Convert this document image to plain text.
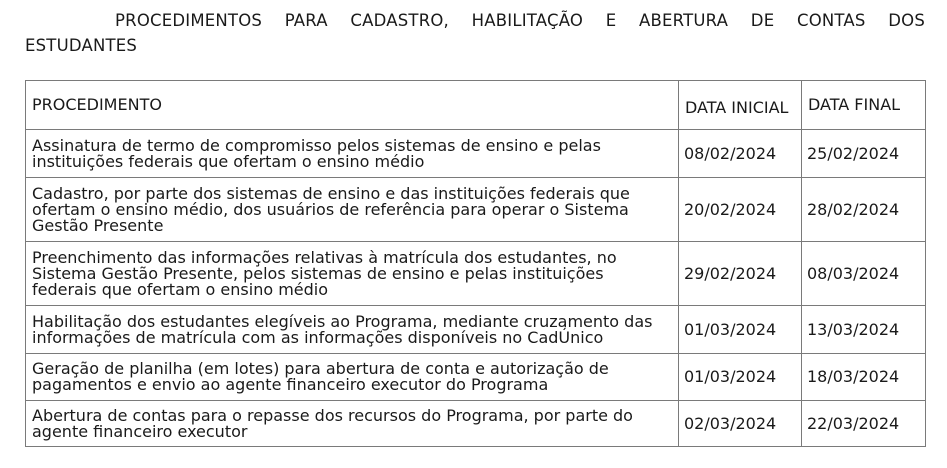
PROCEDIMENTOS PARA CADASTRO, HABILITAÇÃO E ABERTURA DE CONTAS DOS ESTUDANTES
PROCEDIMENTO	DATA INICIAL	DATA FINAL
Assinatura de termo de compromisso pelos sistemas de ensino e pelas instituições federais que ofertam o ensino médio	08/02/2024	25/02/2024
Cadastro, por parte dos sistemas de ensino e das instituições federais que ofertam o ensino médio, dos usuários de referência para operar o Sistema Gestão Presente	20/02/2024	28/02/2024
Preenchimento das informações relativas à matrícula dos estudantes, no Sistema Gestão Presente, pelos sistemas de ensino e pelas instituições federais que ofertam o ensino médio	29/02/2024	08/03/2024
Habilitação dos estudantes elegíveis ao Programa, mediante cruzamento das informações de matrícula com as informações disponíveis no CadÚnico	01/03/2024	13/03/2024
Geração de planilha (em lotes) para abertura de conta e autorização de pagamentos e envio ao agente financeiro executor do Programa	01/03/2024	18/03/2024
Abertura de contas para o repasse dos recursos do Programa, por parte do agente financeiro executor	02/03/2024	22/03/2024
